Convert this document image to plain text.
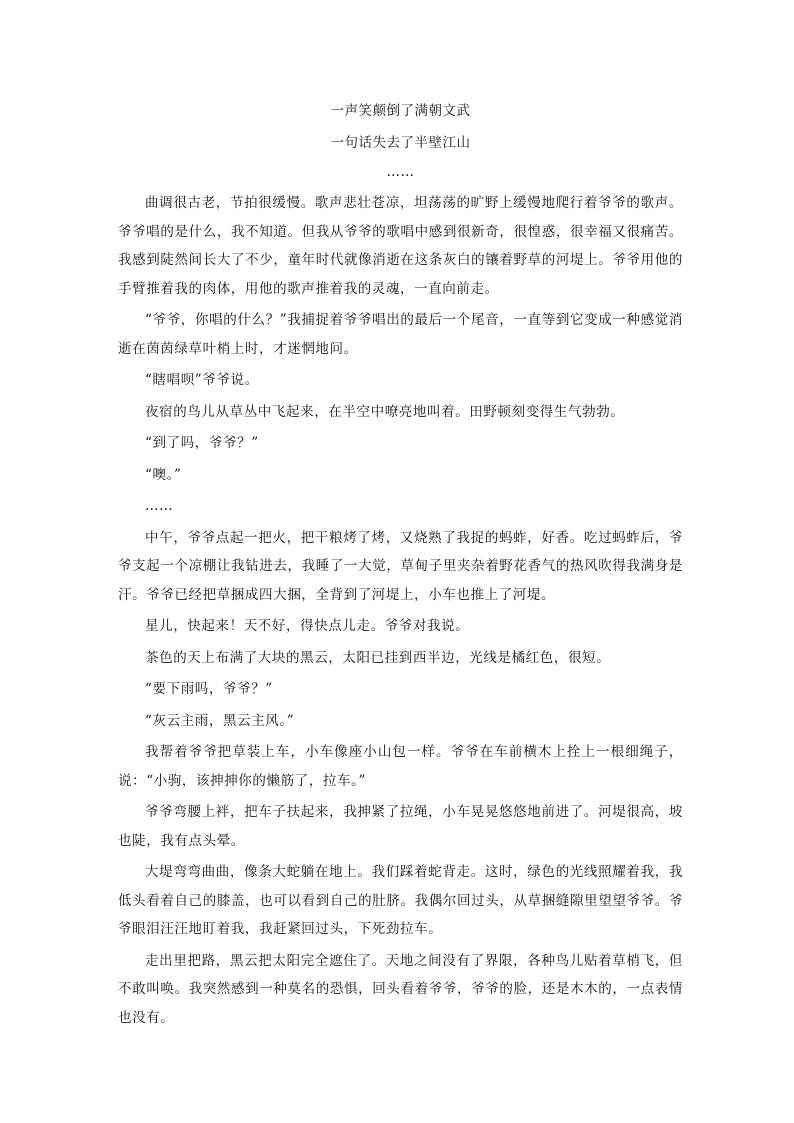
一声笑颠倒了满朝文武
一句话失去了半壁江山
……

曲调很古老，节拍很缓慢。歌声悲壮苍凉，坦荡荡的旷野上缓慢地爬行着爷爷的歌声。爷爷唱的是什么，我不知道。但我从爷爷的歌唱中感到很新奇，很惶惑，很幸福又很痛苦。我感到陡然间长大了不少，童年时代就像消逝在这条灰白的镶着野草的河堤上。爷爷用他的手臂推着我的肉体，用他的歌声推着我的灵魂，一直向前走。

“爷爷，你唱的什么？”我捕捉着爷爷唱出的最后一个尾音，一直等到它变成一种感觉消逝在茵茵绿草叶梢上时，才迷惘地问。

“瞎唱呗”爷爷说。

夜宿的鸟儿从草丛中飞起来，在半空中嘹亮地叫着。田野顿刻变得生气勃勃。

“到了吗，爷爷？”

“噢。”

……

中午，爷爷点起一把火，把干粮烤了烤，又烧熟了我捉的蚂蚱，好香。吃过蚂蚱后，爷爷支起一个凉棚让我钻进去，我睡了一大觉，草甸子里夹杂着野花香气的热风吹得我满身是汗。爷爷已经把草捆成四大捆，全背到了河堤上，小车也推上了河堤。

星儿，快起来！天不好，得快点儿走。爷爷对我说。

茶色的天上布满了大块的黑云，太阳已挂到西半边，光线是橘红色，很短。

“要下雨吗，爷爷？”

“灰云主雨，黑云主风。”

我帮着爷爷把草装上车，小车像座小山包一样。爷爷在车前横木上拴上一根细绳子，说：“小驹，该抻抻你的懒筋了，拉车。”

爷爷弯腰上袢，把车子扶起来，我抻紧了拉绳，小车晃晃悠悠地前进了。河堤很高，坡也陡，我有点头晕。

大堤弯弯曲曲，像条大蛇躺在地上。我们踩着蛇背走。这时，绿色的光线照耀着我，我低头看着自己的膝盖，也可以看到自己的肚脐。我偶尔回过头，从草捆缝隙里望望爷爷。爷爷眼泪汪汪地盯着我，我赶紧回过头，下死劲拉车。

走出里把路，黑云把太阳完全遮住了。天地之间没有了界限，各种鸟儿贴着草梢飞，但不敢叫唤。我突然感到一种莫名的恐惧，回头看着爷爷，爷爷的脸，还是木木的，一点表情也没有。
